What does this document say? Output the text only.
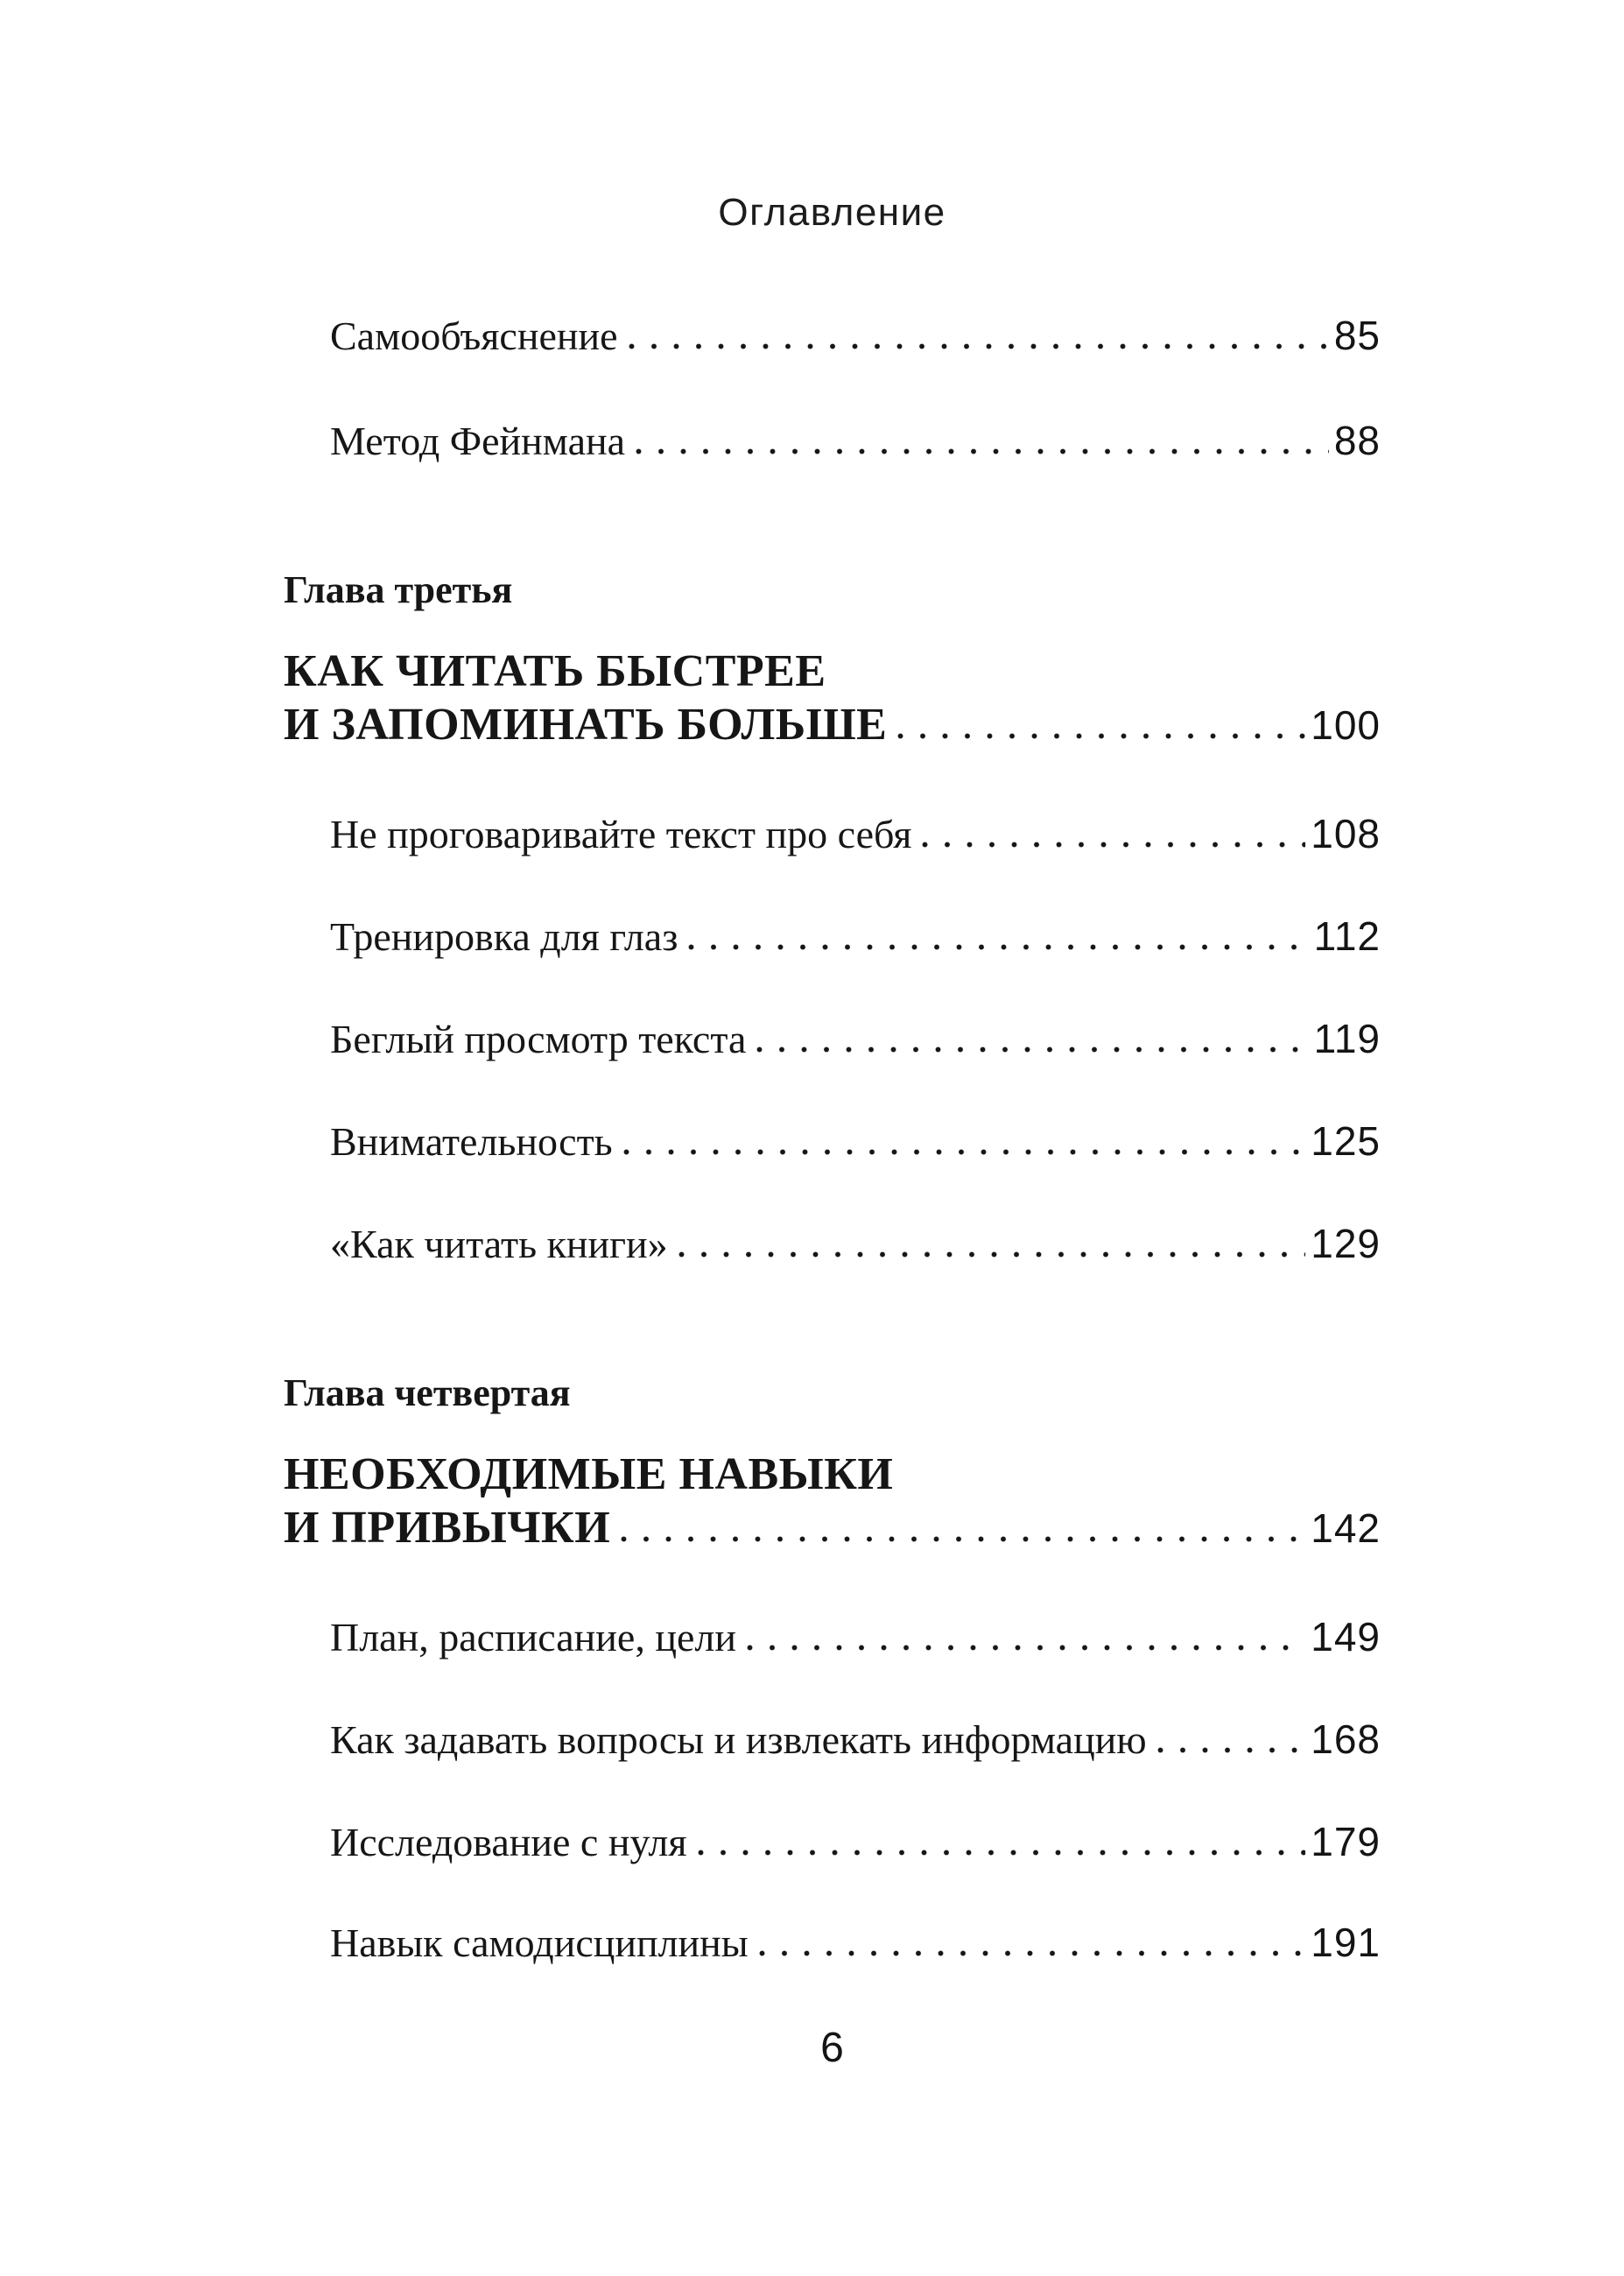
Оглавление
Самообъяснение	85
Метод Фейнмана	88
Глава третья
КАК ЧИТАТЬ БЫСТРЕЕ
И ЗАПОМИНАТЬ БОЛЬШЕ	100
Не проговаривайте текст про себя	108
Тренировка для глаз	112
Беглый просмотр текста	119
Внимательность	125
«Как читать книги»	129
Глава четвертая
НЕОБХОДИМЫЕ НАВЫКИ
И ПРИВЫЧКИ	142
План, расписание, цели	149
Как задавать вопросы и извлекать информацию	168
Исследование с нуля	179
Навык самодисциплины	191
6
